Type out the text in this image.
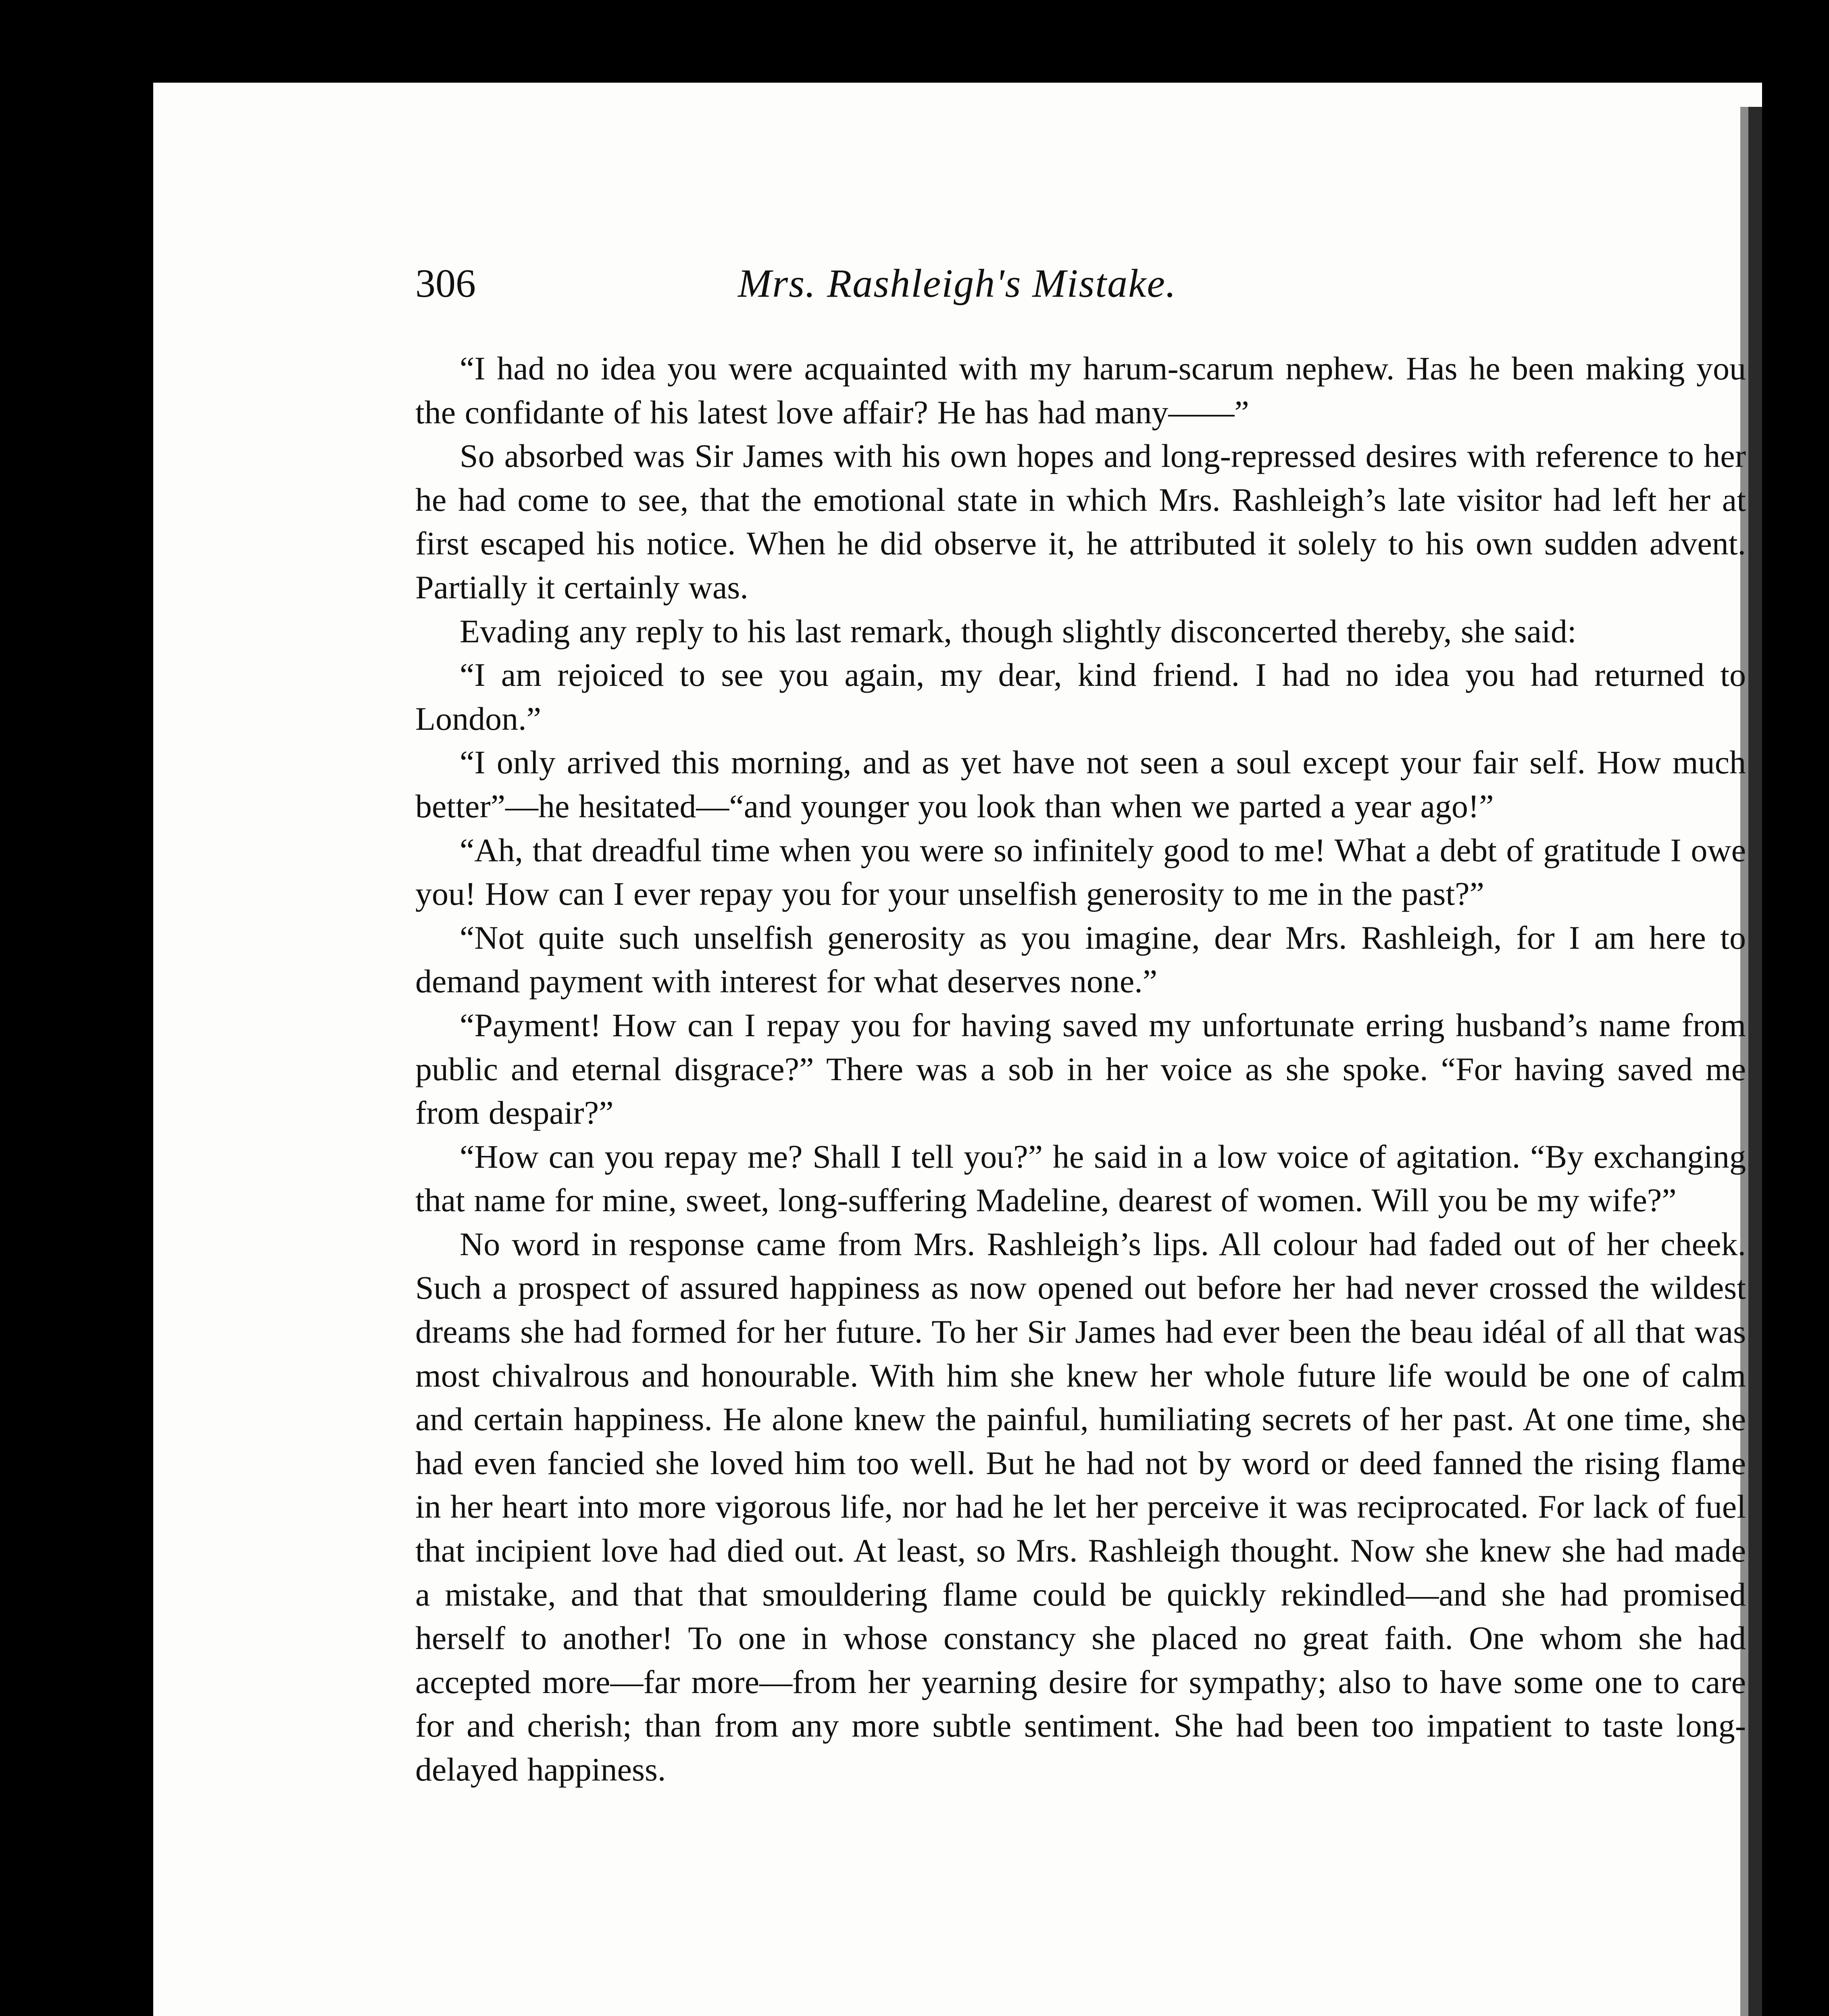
306	Mrs. Rashleigh's Mistake.

“I had no idea you were acquainted with my harum-scarum nephew. Has he been making you the confidante of his latest love affair? He has had many——”

So absorbed was Sir James with his own hopes and long-repressed desires with reference to her he had come to see, that the emotional state in which Mrs. Rashleigh’s late visitor had left her at first escaped his notice. When he did observe it, he attributed it solely to his own sudden advent. Partially it certainly was.

Evading any reply to his last remark, though slightly disconcerted thereby, she said:

“I am rejoiced to see you again, my dear, kind friend. I had no idea you had returned to London.”

“I only arrived this morning, and as yet have not seen a soul except your fair self. How much better”—he hesitated—“and younger you look than when we parted a year ago!”

“Ah, that dreadful time when you were so infinitely good to me! What a debt of gratitude I owe you! How can I ever repay you for your unselfish generosity to me in the past?”

“Not quite such unselfish generosity as you imagine, dear Mrs. Rashleigh, for I am here to demand payment with interest for what deserves none.”

“Payment! How can I repay you for having saved my unfortunate erring husband’s name from public and eternal disgrace?” There was a sob in her voice as she spoke. “For having saved me from despair?”

“How can you repay me? Shall I tell you?” he said in a low voice of agitation. “By exchanging that name for mine, sweet, long-suffering Madeline, dearest of women. Will you be my wife?”

No word in response came from Mrs. Rashleigh’s lips. All colour had faded out of her cheek. Such a prospect of assured happiness as now opened out before her had never crossed the wildest dreams she had formed for her future. To her Sir James had ever been the beau idéal of all that was most chivalrous and honourable. With him she knew her whole future life would be one of calm and certain happiness. He alone knew the painful, humiliating secrets of her past. At one time, she had even fancied she loved him too well. But he had not by word or deed fanned the rising flame in her heart into more vigorous life, nor had he let her perceive it was reciprocated. For lack of fuel that incipient love had died out. At least, so Mrs. Rashleigh thought. Now she knew she had made a mistake, and that that smouldering flame could be quickly rekindled—and she had promised herself to another! To one in whose constancy she placed no great faith. One whom she had accepted more—far more—from her yearning desire for sympathy; also to have some one to care for and cherish; than from any more subtle sentiment. She had been too impatient to taste long-delayed happiness.
